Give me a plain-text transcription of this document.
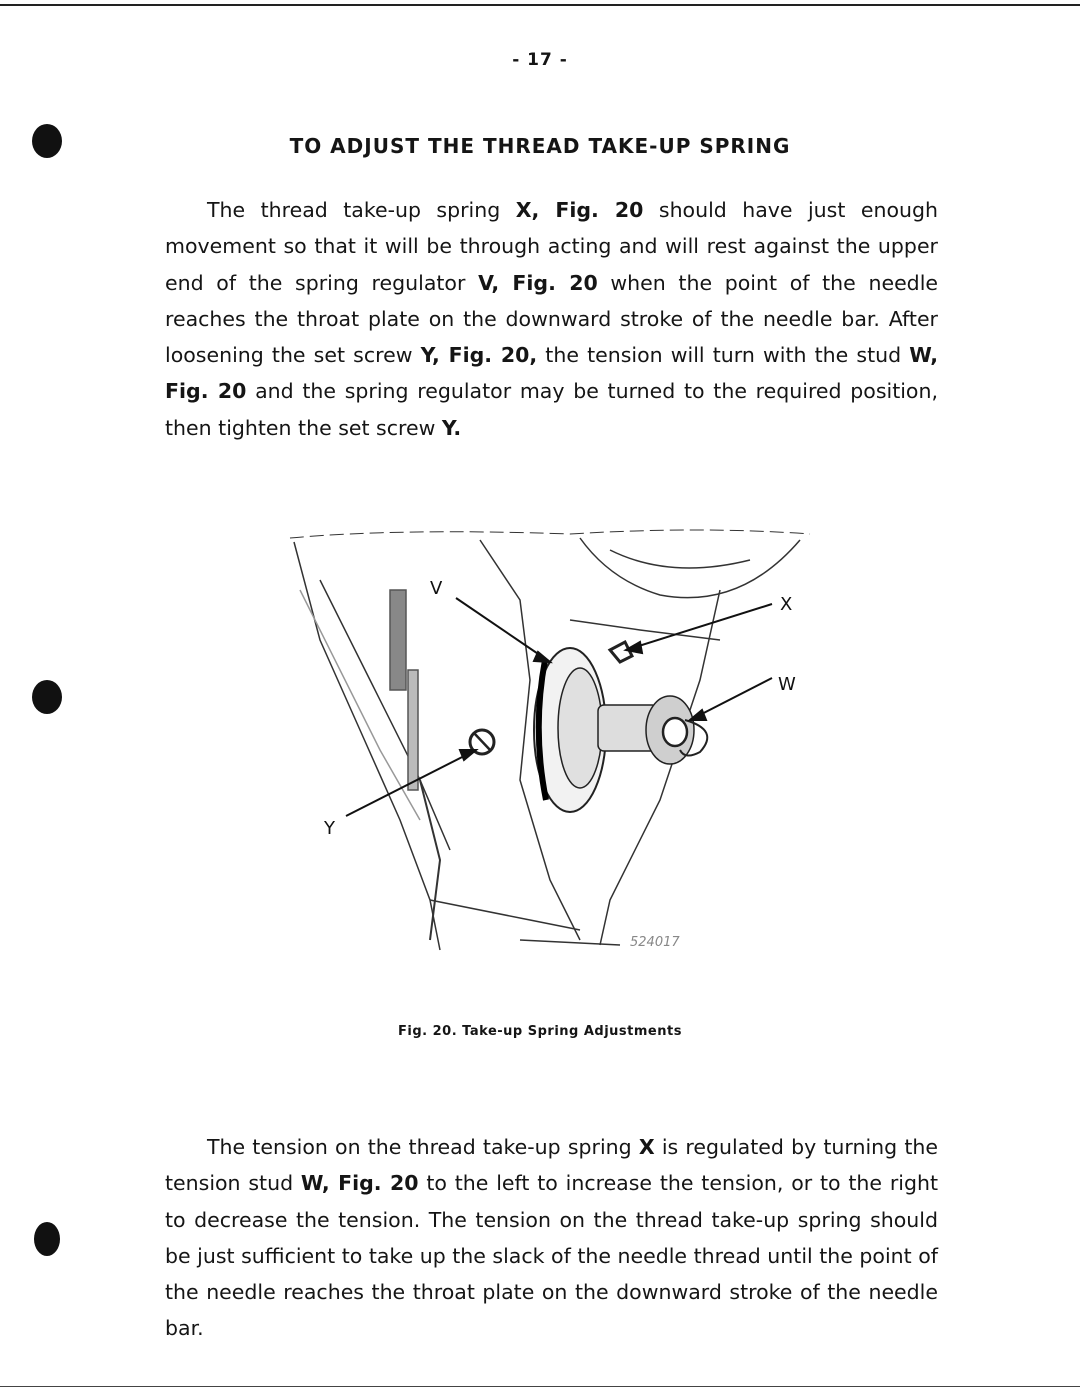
- 17 -
TO ADJUST THE THREAD TAKE-UP SPRING

The thread take-up spring X, Fig. 20 should have just enough movement so that it will be through acting and will rest against the upper end of the spring regulator V, Fig. 20 when the point of the needle reaches the throat plate on the downward stroke of the needle bar. After loosening the set screw Y, Fig. 20, the tension will turn with the stud W, Fig. 20 and the spring regulator may be turned to the required position, then tighten the set screw Y.

V
X
W
Y
524017
Fig. 20. Take-up Spring Adjustments

The tension on the thread take-up spring X is regulated by turning the tension stud W, Fig. 20 to the left to increase the tension, or to the right to decrease the tension. The tension on the thread take-up spring should be just sufficient to take up the slack of the needle thread until the point of the needle reaches the throat plate on the downward stroke of the needle bar.
